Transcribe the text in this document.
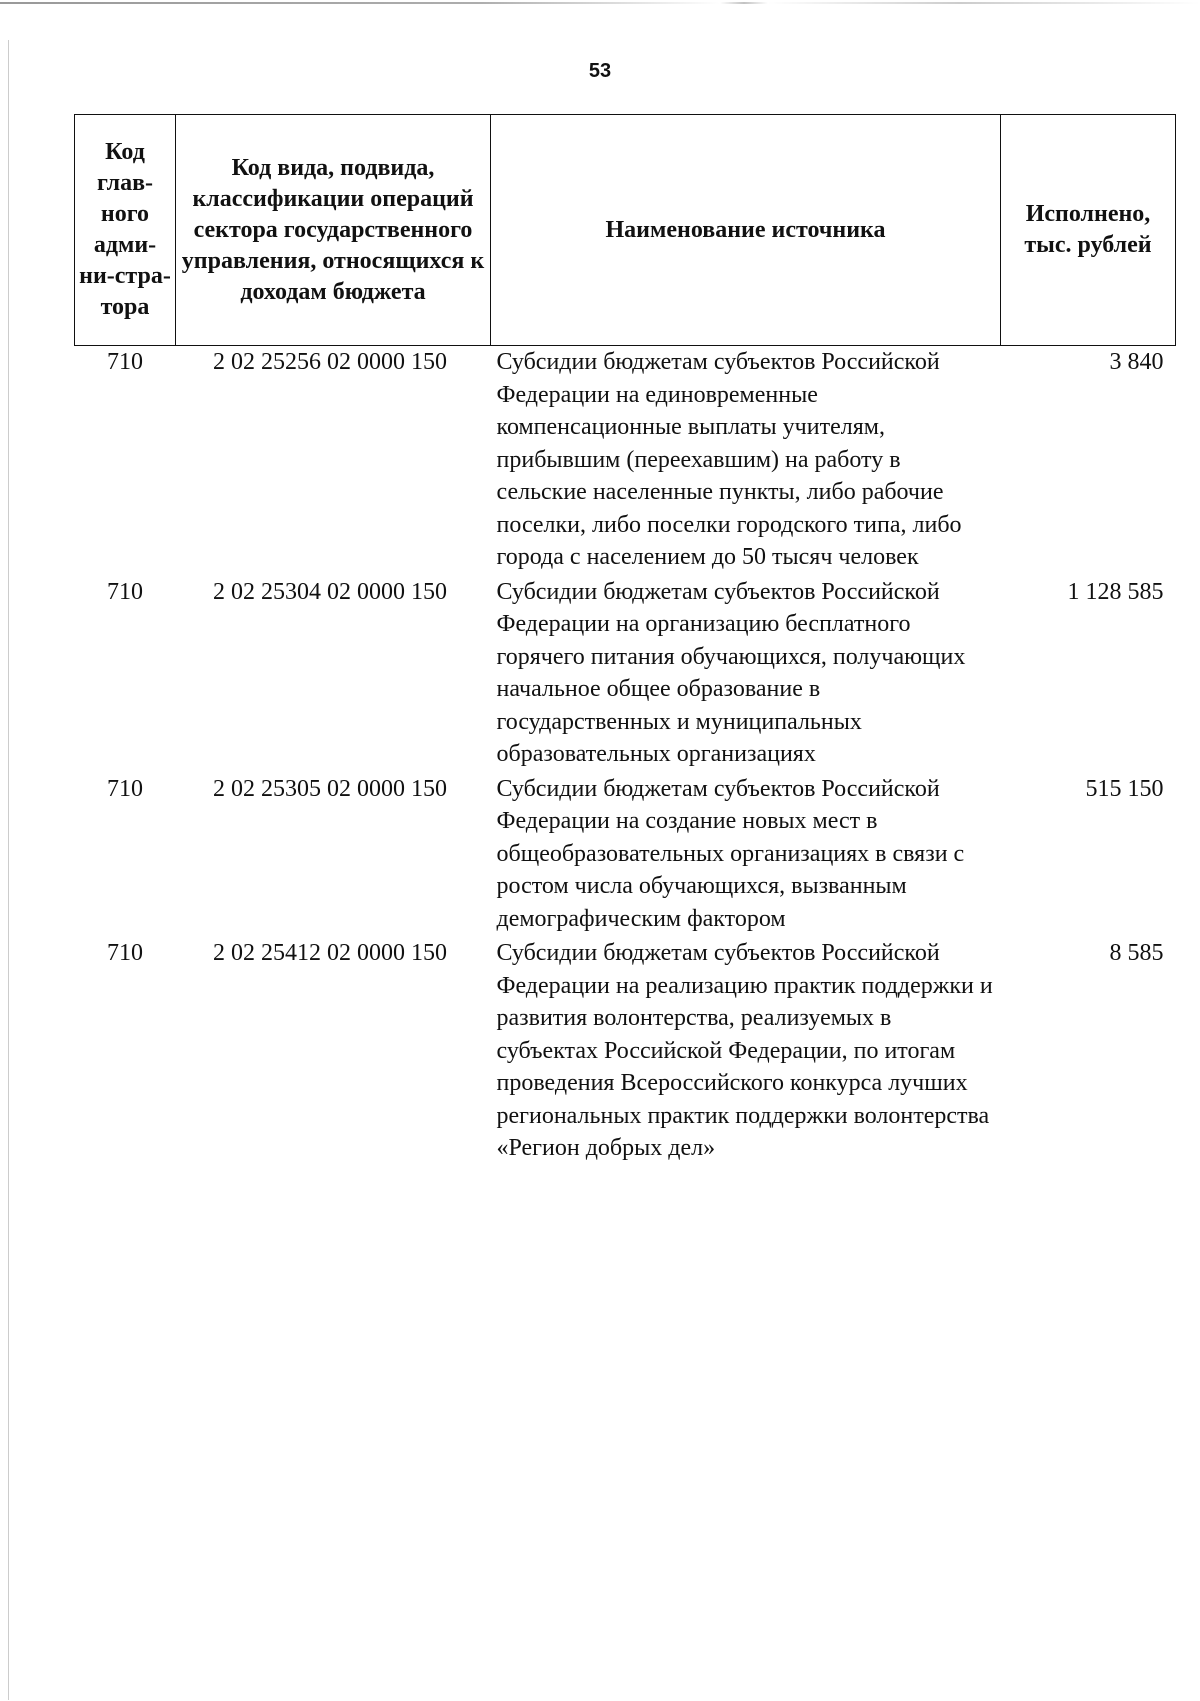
53
Код глав-ного адми-ни-стра-тора	Код вида, подвида, классификации операций сектора государственного управления, относящихся к доходам бюджета	Наименование источника	Исполнено, тыс. рублей
710	2 02 25256 02 0000 150	Субсидии бюджетам субъектов Российской Федерации на единовременные компенсационные выплаты учителям, прибывшим (переехавшим) на работу в сельские населенные пункты, либо рабочие поселки, либо поселки городского типа, либо города с населением до 50 тысяч человек	3 840
710	2 02 25304 02 0000 150	Субсидии бюджетам субъектов Российской Федерации на организацию бесплатного горячего питания обучающихся, получающих начальное общее образование в государственных и муниципальных образовательных организациях	1 128 585
710	2 02 25305 02 0000 150	Субсидии бюджетам субъектов Российской Федерации на создание новых мест в общеобразовательных организациях в связи с ростом числа обучающихся, вызванным демографическим фактором	515 150
710	2 02 25412 02 0000 150	Субсидии бюджетам субъектов Российской Федерации на реализацию практик поддержки и развития волонтерства, реализуемых в субъектах Российской Федерации, по итогам проведения Всероссийского конкурса лучших региональных практик поддержки волонтерства «Регион добрых дел»	8 585
